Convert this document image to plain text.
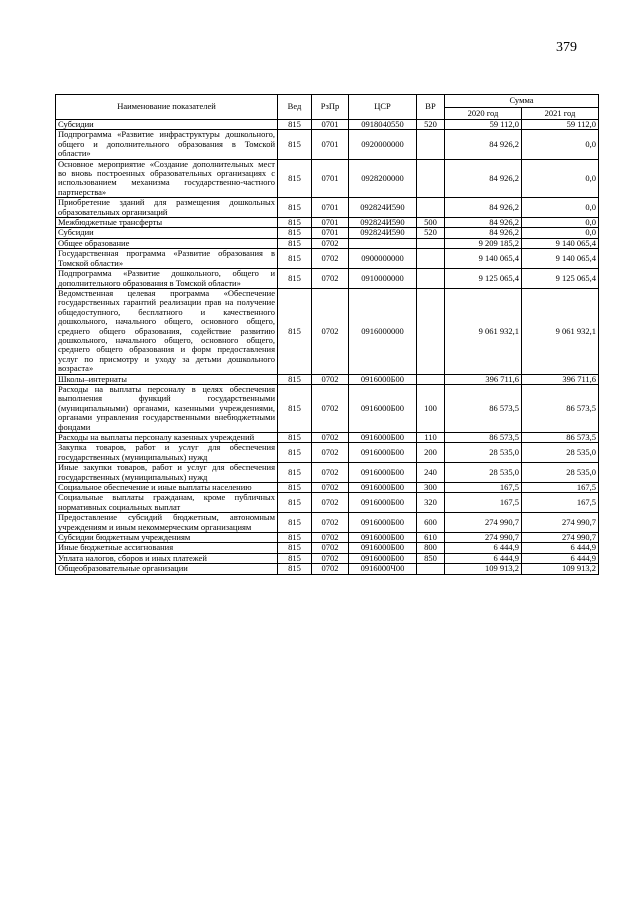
379
Наименование показателей	Вед	РзПр	ЦСР	ВР	Сумма	
					2020 год	2021 год
Субсидии	815	0701	0918040550	520	59 112,0	59 112,0
Подпрограмма «Развитие инфраструктуры дошкольного, общего и дополнительного образования в Томской области»	815	0701	0920000000		84 926,2	0,0
Основное мероприятие «Создание дополнительных мест во вновь построенных образовательных организациях с использованием механизма государственно-частного партнерства»	815	0701	0928200000		84 926,2	0,0
Приобретение зданий для размещения дошкольных образовательных организаций	815	0701	092824И590		84 926,2	0,0
Межбюджетные трансферты	815	0701	092824И590	500	84 926,2	0,0
Субсидии	815	0701	092824И590	520	84 926,2	0,0
Общее образование	815	0702			9 209 185,2	9 140 065,4
Государственная программа «Развитие образования в Томской области»	815	0702	0900000000		9 140 065,4	9 140 065,4
Подпрограмма «Развитие дошкольного, общего и дополнительного образования в Томской области»	815	0702	0910000000		9 125 065,4	9 125 065,4
Ведомственная целевая программа «Обеспечение государственных гарантий реализации прав на получение общедоступного, бесплатного и качественного дошкольного, начального общего, основного общего, среднего общего образования, содействие развитию дошкольного, начального общего, основного общего, среднего общего образования и форм предоставления услуг по присмотру и уходу за детьми дошкольного возраста»	815	0702	0916000000		9 061 932,1	9 061 932,1
Школы–интернаты	815	0702	0916000Б00		396 711,6	396 711,6
Расходы на выплаты персоналу в целях обеспечения выполнения функций государственными (муниципальными) органами, казенными учреждениями, органами управления государственными внебюджетными фондами	815	0702	0916000Б00	100	86 573,5	86 573,5
Расходы на выплаты персоналу казенных учреждений	815	0702	0916000Б00	110	86 573,5	86 573,5
Закупка товаров, работ и услуг для обеспечения государственных (муниципальных) нужд	815	0702	0916000Б00	200	28 535,0	28 535,0
Иные закупки товаров, работ и услуг для обеспечения государственных (муниципальных) нужд	815	0702	0916000Б00	240	28 535,0	28 535,0
Социальное обеспечение и иные выплаты населению	815	0702	0916000Б00	300	167,5	167,5
Социальные выплаты гражданам, кроме публичных нормативных социальных выплат	815	0702	0916000Б00	320	167,5	167,5
Предоставление субсидий бюджетным, автономным учреждениям и иным некоммерческим организациям	815	0702	0916000Б00	600	274 990,7	274 990,7
Субсидии бюджетным учреждениям	815	0702	0916000Б00	610	274 990,7	274 990,7
Иные бюджетные ассигнования	815	0702	0916000Б00	800	6 444,9	6 444,9
Уплата налогов, сборов и иных платежей	815	0702	0916000Б00	850	6 444,9	6 444,9
Общеобразовательные организации	815	0702	0916000Ч00		109 913,2	109 913,2
